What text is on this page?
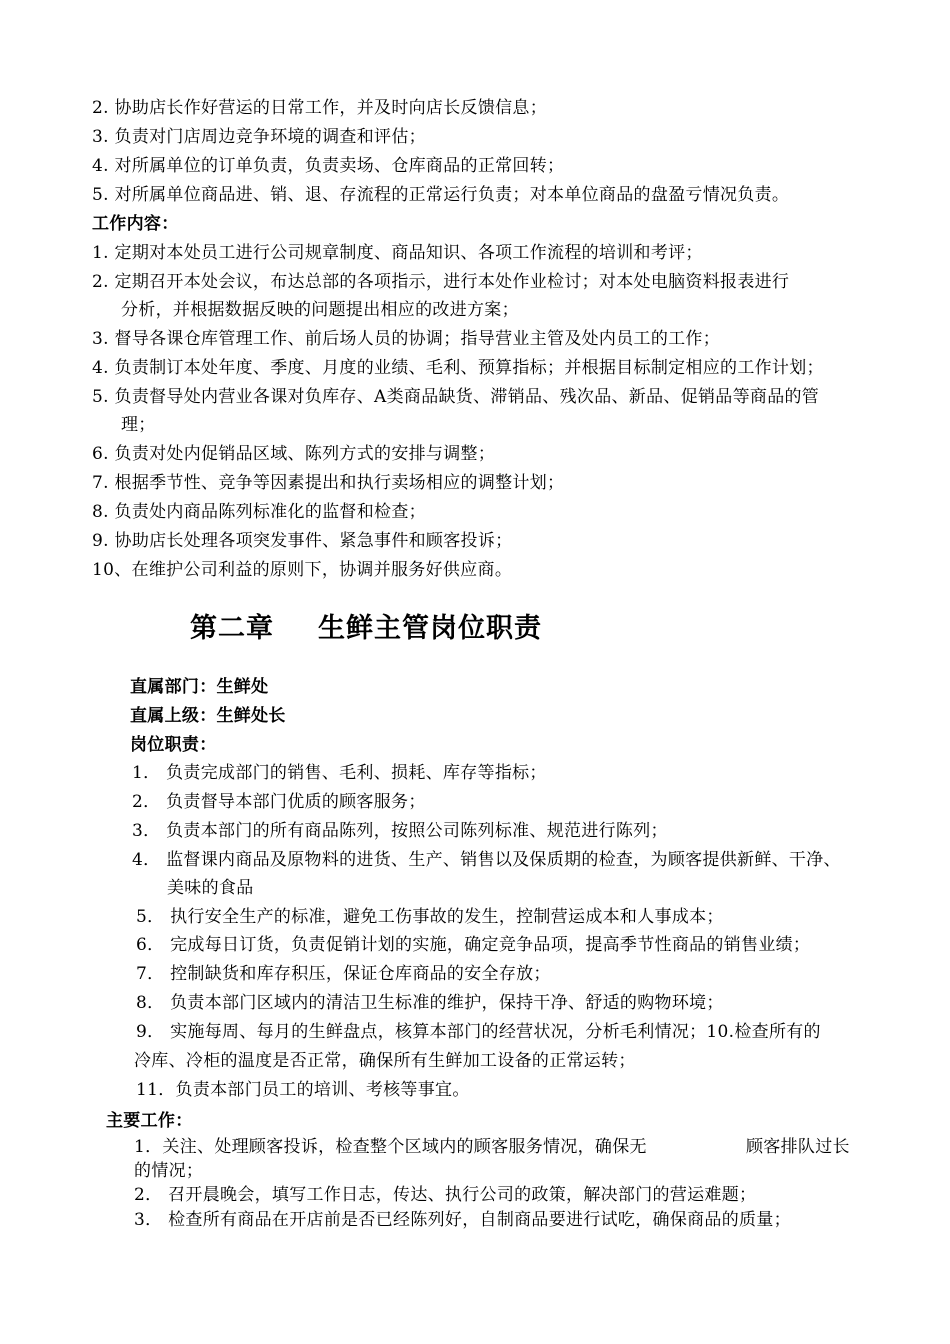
2. 协助店长作好营运的日常工作，并及时向店长反馈信息；
3. 负责对门店周边竞争环境的调查和评估；
4. 对所属单位的订单负责，负责卖场、仓库商品的正常回转；
5. 对所属单位商品进、销、退、存流程的正常运行负责；对本单位商品的盘盈亏情况负责。
工作内容：
1. 定期对本处员工进行公司规章制度、商品知识、各项工作流程的培训和考评；
2. 定期召开本处会议，布达总部的各项指示，进行本处作业检讨；对本处电脑资料报表进行
分析，并根据数据反映的问题提出相应的改进方案；
3. 督导各课仓库管理工作、前后场人员的协调；指导营业主管及处内员工的工作；
4. 负责制订本处年度、季度、月度的业绩、毛利、预算指标；并根据目标制定相应的工作计划；
5. 负责督导处内营业各课对负库存、A类商品缺货、滞销品、残次品、新品、促销品等商品的管
理；
6. 负责对处内促销品区域、陈列方式的安排与调整；
7. 根据季节性、竞争等因素提出和执行卖场相应的调整计划；
8. 负责处内商品陈列标准化的监督和检查；
9. 协助店长处理各项突发事件、紧急事件和顾客投诉；
10、在维护公司利益的原则下，协调并服务好供应商。
第二章 生鲜主管岗位职责
直属部门：生鲜处
直属上级：生鲜处长
岗位职责：
1． 负责完成部门的销售、毛利、损耗、库存等指标；
2． 负责督导本部门优质的顾客服务；
3． 负责本部门的所有商品陈列，按照公司陈列标准、规范进行陈列；
4． 监督课内商品及原物料的进货、生产、销售以及保质期的检查，为顾客提供新鲜、干净、
美味的食品
5． 执行安全生产的标准，避免工伤事故的发生，控制营运成本和人事成本；
6． 完成每日订货，负责促销计划的实施，确定竞争品项，提高季节性商品的销售业绩；
7． 控制缺货和库存积压，保证仓库商品的安全存放；
8． 负责本部门区域内的清洁卫生标准的维护，保持干净、舒适的购物环境；
9． 实施每周、每月的生鲜盘点，核算本部门的经营状况，分析毛利情况；10.检查所有的
冷库、冷柜的温度是否正常，确保所有生鲜加工设备的正常运转；
11．负责本部门员工的培训、考核等事宜。
主要工作：
1．关注、处理顾客投诉，检查整个区域内的顾客服务情况，确保无	顾客排队过长
的情况；
2． 召开晨晚会，填写工作日志，传达、执行公司的政策，解决部门的营运难题；
3． 检查所有商品在开店前是否已经陈列好，自制商品要进行试吃，确保商品的质量；
